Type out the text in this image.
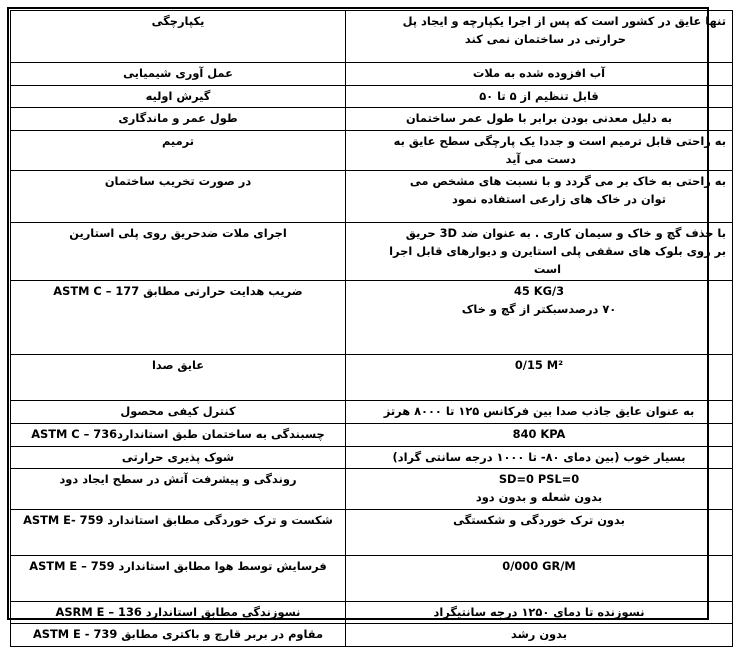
تنها عایق در کشور است که پس از اجرا یکپارچه و ایجاد پل
حرارتی در ساختمان نمی کند	یکپارچگی
آب افزوده شده به ملات	عمل آوری شیمیایی
قابل تنظیم از ۵ تا ۵۰	گیرش اولیه
به دلیل معدنی بودن برابر با طول عمر ساختمان	طول عمر و ماندگاری
به راحتی قابل ترمیم است و جددا یک پارچگی سطح عایق به
دست می آید	ترمیم
به راحتی به خاک بر می گردد و با نسبت های مشخص می
توان در خاک های زارعی استفاده نمود	در صورت تخریب ساختمان
با حذف گچ و خاک و سیمان کاری . به عنوان ضد 3D حریق
بر روی بلوک های سقفی پلی استایرن و دیوارهای قابل اجرا
است	اجرای ملات ضدحریق روی پلی استارین
45 KG/3
۷۰ درصدسبکتر از گچ و خاک	ضریب هدایت حرارتی مطابق ASTM C – 177
0/15 M²	عایق صدا
به عنوان عایق جاذب صدا بین فرکانس ۱۲۵ تا ۸۰۰۰ هرتز	کنترل کیفی محصول
840 KPA	چسبندگی به ساختمان طبق استانداردASTM C – 736
بسیار خوب (بین دمای ۸۰- تا ۱۰۰۰ درجه سانتی گراد)	شوک پذیری حرارتی
SD=0 PSL=0
بدون شعله و بدون دود	روندگی و پیشرفت آتش در سطح ایجاد دود
بدون ترک خوردگی و شکستگی	شکست و ترک خوردگی مطابق استاندارد ASTM E- 759
0/000 GR/M	فرسایش توسط هوا مطابق استاندارد ASTM E – 759
نسوزنده تا دمای ۱۲۵۰ درجه سانتیگراد	نسوزندگی مطابق استاندارد ASRM E – 136
بدون رشد	مقاوم در بربر قارچ و باکتری مطابق ASTM E - 739
